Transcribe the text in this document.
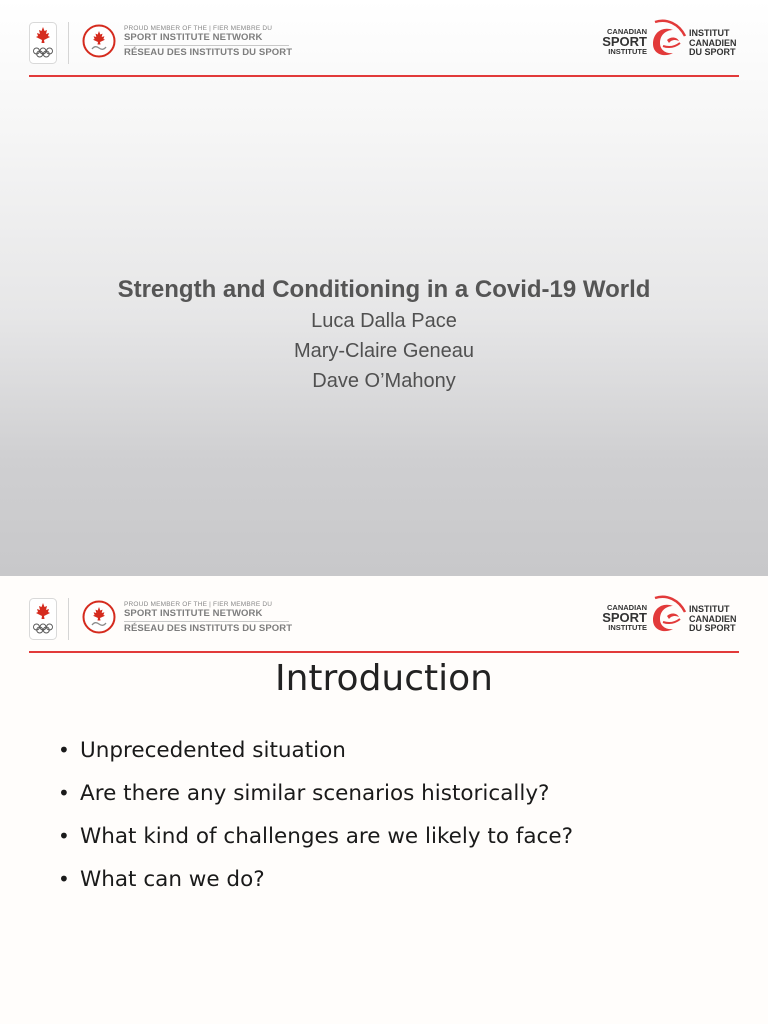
PROUD MEMBER OF THE | FIER MEMBRE DU
SPORT INSTITUTE NETWORK
RÉSEAU DES INSTITUTS DU SPORT
CANADIAN
SPORT
INSTITUTE
INSTITUT
CANADIEN
DU SPORT
Strength and Conditioning in a Covid-19 World
Luca Dalla Pace
Mary-Claire Geneau
Dave O’Mahony
PROUD MEMBER OF THE | FIER MEMBRE DU
SPORT INSTITUTE NETWORK
RÉSEAU DES INSTITUTS DU SPORT
CANADIAN
SPORT
INSTITUTE
INSTITUT
CANADIEN
DU SPORT
Introduction
• Unprecedented situation
• Are there any similar scenarios historically?
• What kind of challenges are we likely to face?
• What can we do?
